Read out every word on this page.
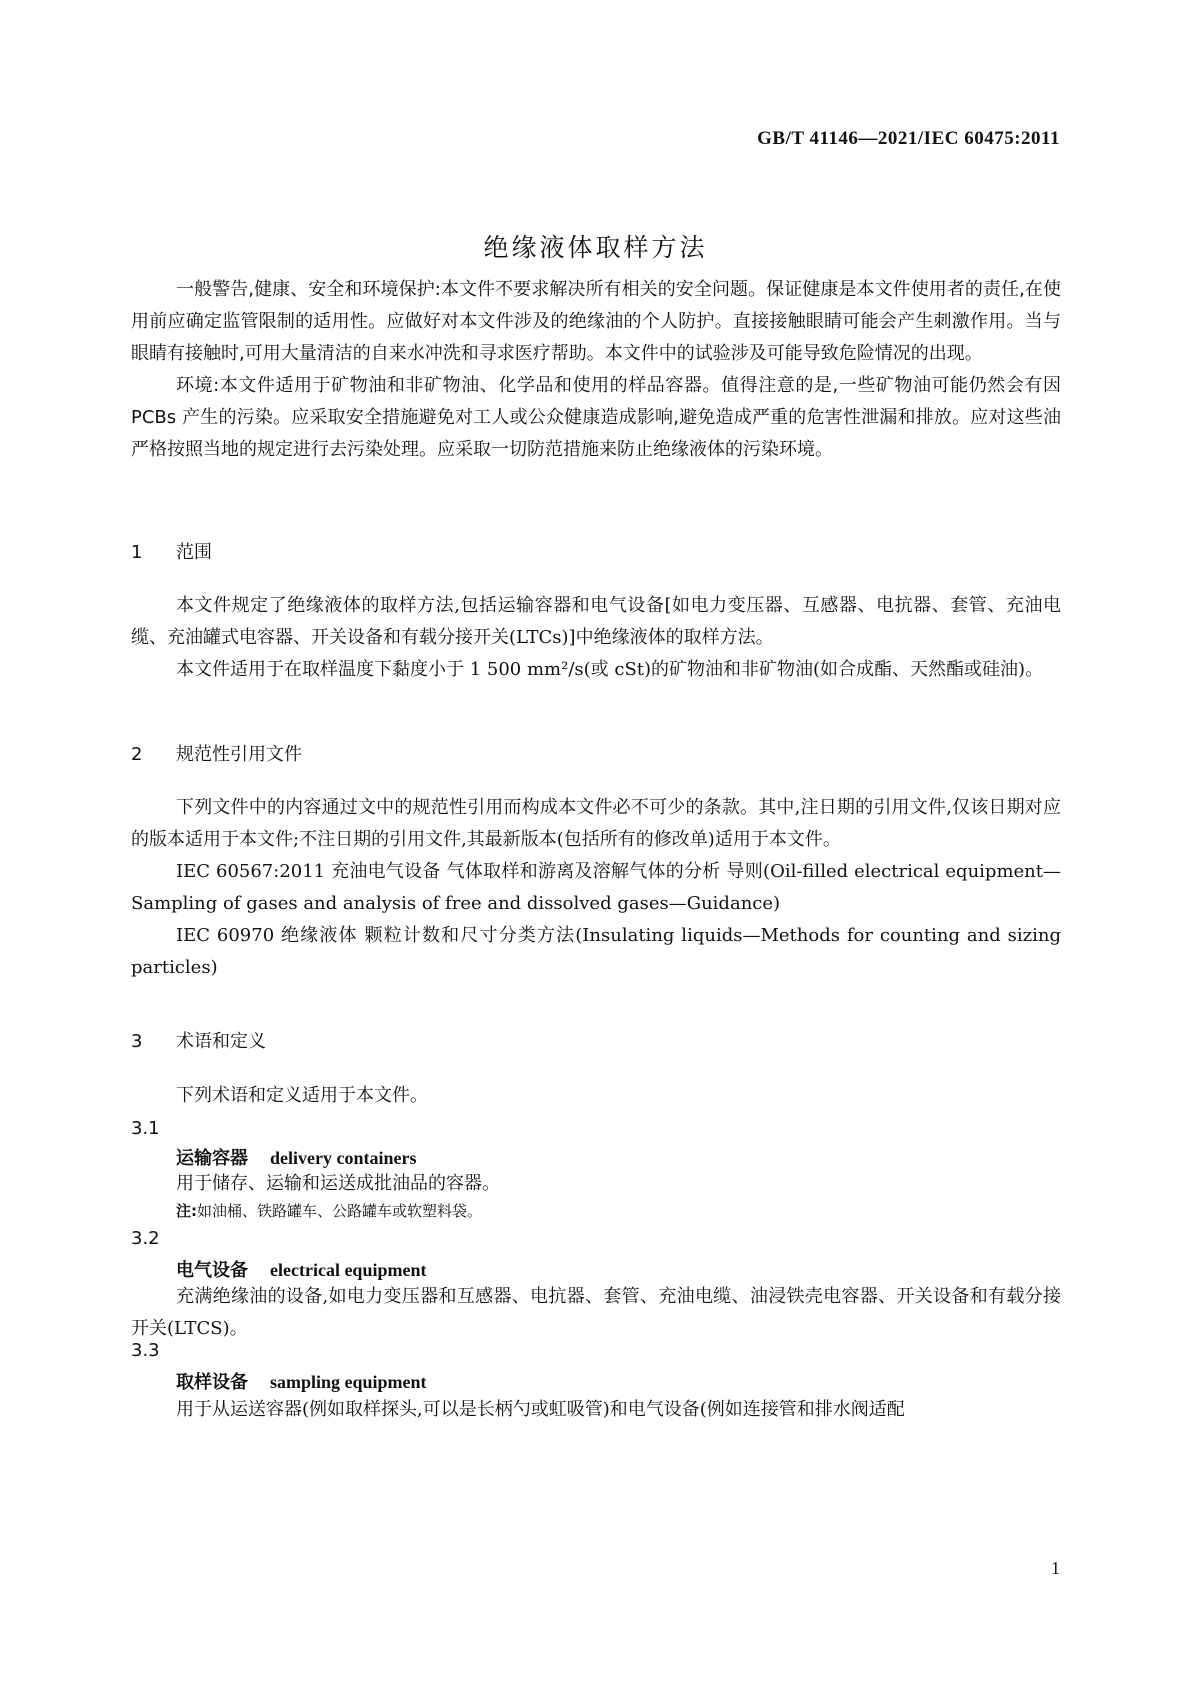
GB/T 41146—2021/IEC 60475:2011
绝缘液体取样方法

一般警告,健康、安全和环境保护:本文件不要求解决所有相关的安全问题。保证健康是本文件使用者的责任,在使用前应确定监管限制的适用性。应做好对本文件涉及的绝缘油的个人防护。直接接触眼睛可能会产生刺激作用。当与眼睛有接触时,可用大量清洁的自来水冲洗和寻求医疗帮助。本文件中的试验涉及可能导致危险情况的出现。

环境:本文件适用于矿物油和非矿物油、化学品和使用的样品容器。值得注意的是,一些矿物油可能仍然会有因 PCBs 产生的污染。应采取安全措施避免对工人或公众健康造成影响,避免造成严重的危害性泄漏和排放。应对这些油严格按照当地的规定进行去污染处理。应采取一切防范措施来防止绝缘液体的污染环境。

1 范围

本文件规定了绝缘液体的取样方法,包括运输容器和电气设备[如电力变压器、互感器、电抗器、套管、充油电缆、充油罐式电容器、开关设备和有载分接开关(LTCs)]中绝缘液体的取样方法。

本文件适用于在取样温度下黏度小于 1 500 mm²/s(或 cSt)的矿物油和非矿物油(如合成酯、天然酯或硅油)。

2 规范性引用文件

下列文件中的内容通过文中的规范性引用而构成本文件必不可少的条款。其中,注日期的引用文件,仅该日期对应的版本适用于本文件;不注日期的引用文件,其最新版本(包括所有的修改单)适用于本文件。

IEC 60567:2011 充油电气设备 气体取样和游离及溶解气体的分析 导则(Oil-filled electrical equipment—Sampling of gases and analysis of free and dissolved gases—Guidance)

IEC 60970 绝缘液体 颗粒计数和尺寸分类方法(Insulating liquids—Methods for counting and sizing particles)

3 术语和定义

下列术语和定义适用于本文件。

3.1
运输容器 delivery containers

用于储存、运输和运送成批油品的容器。

注:如油桶、铁路罐车、公路罐车或软塑料袋。
3.2
电气设备 electrical equipment

充满绝缘油的设备,如电力变压器和互感器、电抗器、套管、充油电缆、油浸铁壳电容器、开关设备和有载分接开关(LTCS)。

3.3
取样设备 sampling equipment

用于从运送容器(例如取样探头,可以是长柄勺或虹吸管)和电气设备(例如连接管和排水阀适配

1
